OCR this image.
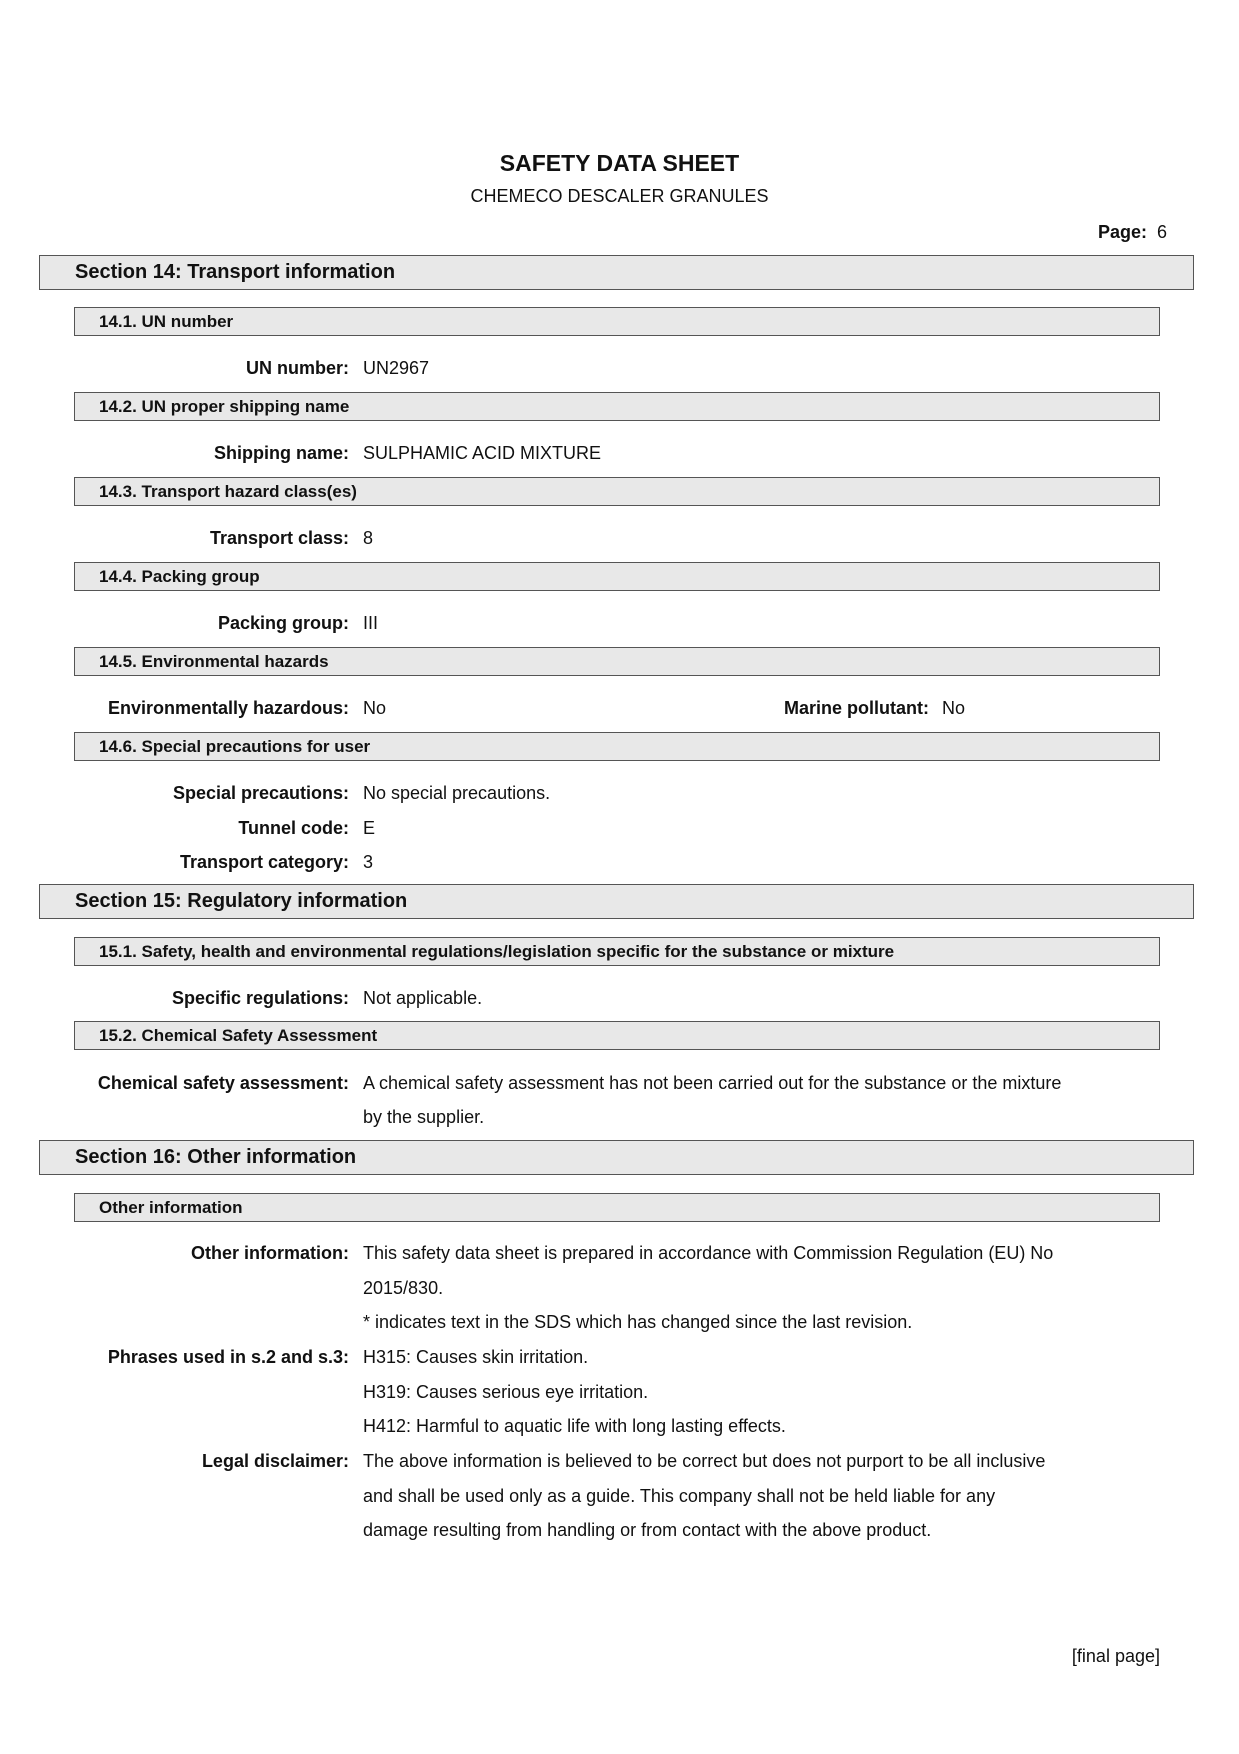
SAFETY DATA SHEET
CHEMECO DESCALER GRANULES
Page: 6
Section 14: Transport information
14.1. UN number
UN number: UN2967
14.2. UN proper shipping name
Shipping name: SULPHAMIC ACID MIXTURE
14.3. Transport hazard class(es)
Transport class: 8
14.4. Packing group
Packing group: III
14.5. Environmental hazards
Environmentally hazardous: No	Marine pollutant: No
14.6. Special precautions for user
Special precautions: No special precautions.
Tunnel code: E
Transport category: 3
Section 15: Regulatory information
15.1. Safety, health and environmental regulations/legislation specific for the substance or mixture
Specific regulations: Not applicable.
15.2. Chemical Safety Assessment
Chemical safety assessment: A chemical safety assessment has not been carried out for the substance or the mixture
by the supplier.
Section 16: Other information
Other information
Other information: This safety data sheet is prepared in accordance with Commission Regulation (EU) No
2015/830.
* indicates text in the SDS which has changed since the last revision.
Phrases used in s.2 and s.3: H315: Causes skin irritation.
H319: Causes serious eye irritation.
H412: Harmful to aquatic life with long lasting effects.
Legal disclaimer: The above information is believed to be correct but does not purport to be all inclusive
and shall be used only as a guide. This company shall not be held liable for any
damage resulting from handling or from contact with the above product.
[final page]
